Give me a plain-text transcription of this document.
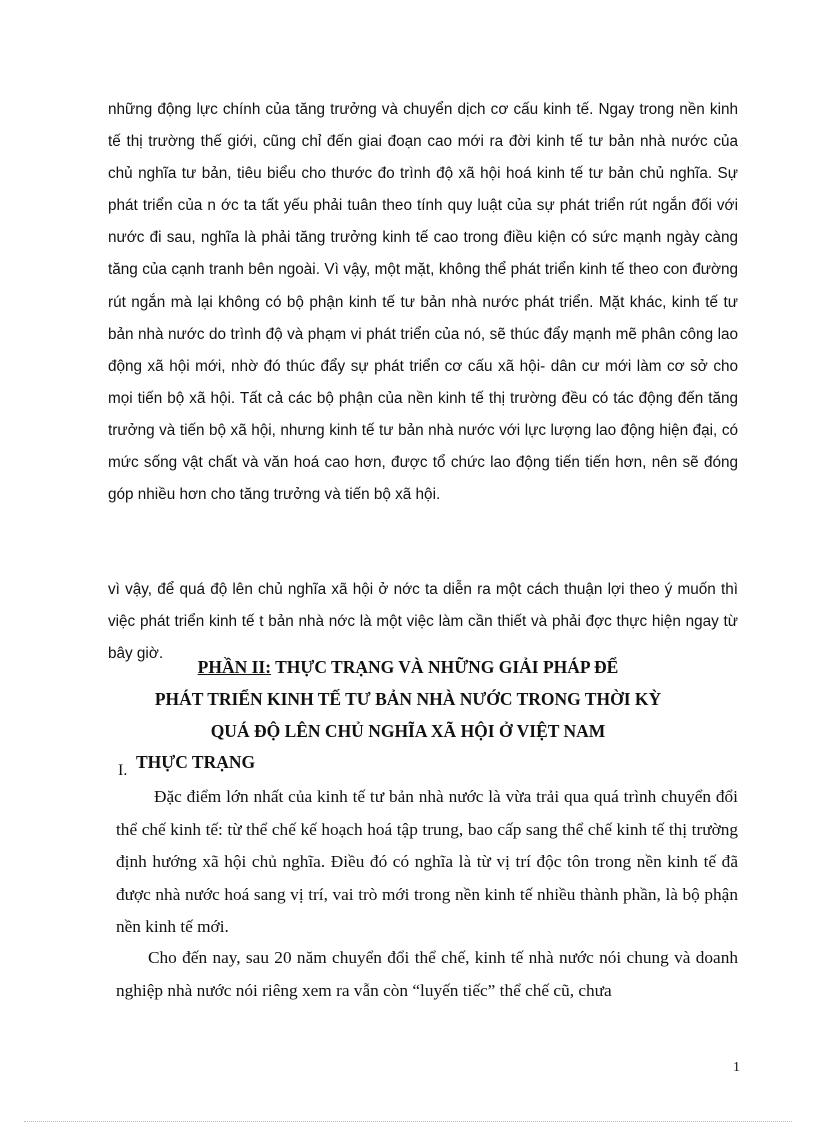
những động lực chính của tăng trưởng và chuyển dịch cơ cấu kinh tế. Ngay trong nền kinh tế thị trường thế giới, cũng chỉ đến giai đoạn cao mới ra đời kinh tế tư bản nhà nước của chủ nghĩa tư bản, tiêu biểu cho thước đo trình độ xã hội hoá kinh tế tư bản chủ nghĩa. Sự phát triển của n ớc ta tất yếu phải tuân theo tính quy luật của sự phát triển rút ngắn đối với nước đi sau, nghĩa là phải tăng trưởng kinh tế cao trong điều kiện có sức mạnh ngày càng tăng của cạnh tranh bên ngoài. Vì vậy, một mặt, không thể phát triển kinh tế theo con đường rút ngắn mà lại không có bộ phận kinh tế tư bản nhà nước phát triển. Mặt khác, kinh tế tư bản nhà nước do trình độ và phạm vi phát triển của nó, sẽ thúc đẩy mạnh mẽ phân công lao động xã hội mới, nhờ đó thúc đẩy sự phát triển cơ cấu xã hội- dân cư mới làm cơ sở cho mọi tiến bộ xã hội. Tất cả các bộ phận của nền kinh tế thị trường đều có tác động đến tăng trưởng và tiến bộ xã hội, nhưng kinh tế tư bản nhà nước với lực lượng lao động hiện đại, có mức sống vật chất và văn hoá cao hơn, được tổ chức lao động tiến tiến hơn, nên sẽ đóng góp nhiều hơn cho tăng trưởng và tiến bộ xã hội.

vì vậy, để quá độ lên chủ nghĩa xã hội ở nớc ta diễn ra một cách thuận lợi theo ý muốn thì việc phát triển kinh tế t bản nhà nớc là một việc làm cần thiết và phải đợc thực hiện ngay từ bây giờ.

PHẦN II: THỰC TRẠNG VÀ NHỮNG GIẢI PHÁP ĐỂ
PHÁT TRIỂN KINH TẾ TƯ BẢN NHÀ NƯỚC TRONG THỜI KỲ
QUÁ ĐỘ LÊN CHỦ NGHĨA XÃ HỘI Ở VIỆT NAM
I. THỰC TRẠNG

Đặc điểm lớn nhất của kinh tế tư bản nhà nước là vừa trải qua quá trình chuyển đổi thể chế kinh tế: từ thể chế kế hoạch hoá tập trung, bao cấp sang thể chế kinh tế thị trường định hướng xã hội chủ nghĩa. Điều đó có nghĩa là từ vị trí độc tôn trong nền kinh tế đã được nhà nước hoá sang vị trí, vai trò mới trong nền kinh tế nhiều thành phần, là bộ phận nền kinh tế mới.

Cho đến nay, sau 20 năm chuyển đổi thể chế, kinh tế nhà nước nói chung và doanh nghiệp nhà nước nói riêng xem ra vẫn còn “luyến tiếc” thể chế cũ, chưa

1
